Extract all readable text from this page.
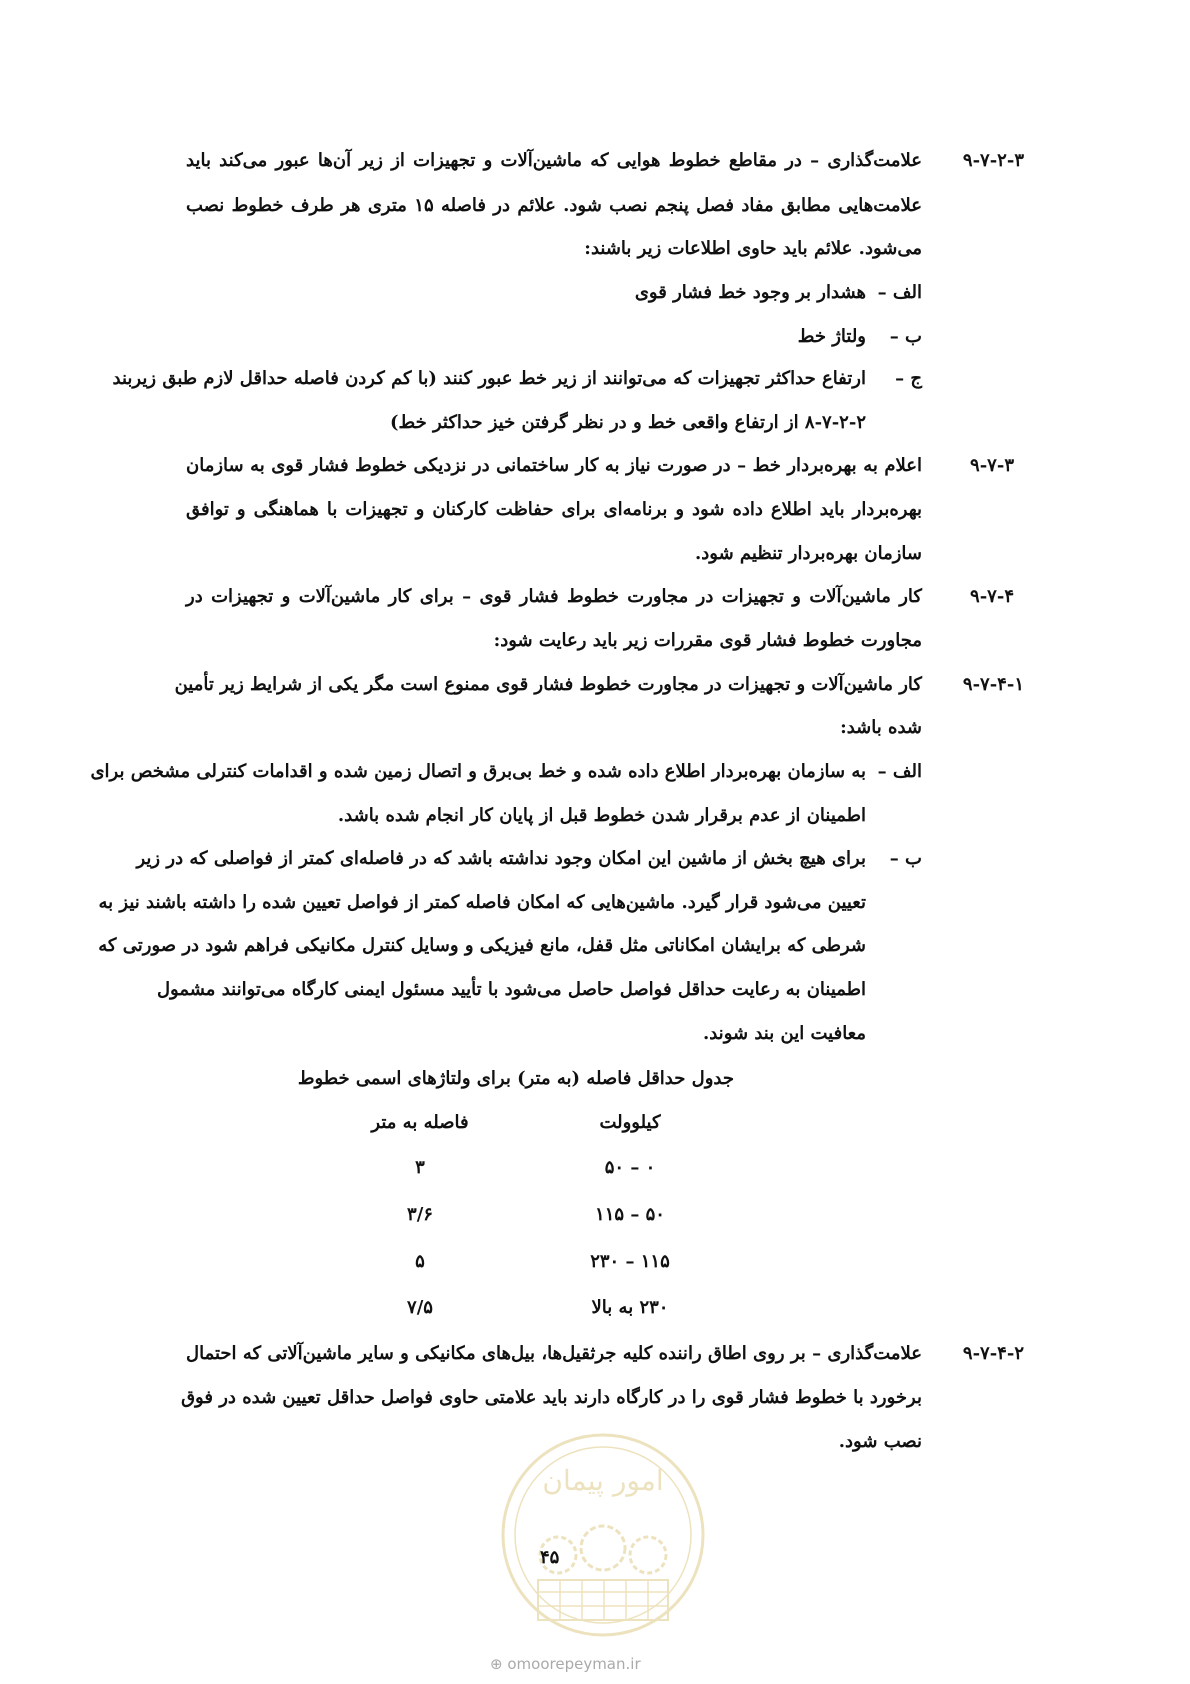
۹-۷-۲-۳
علامت‌گذاری – در مقاطع خطوط هوایی که ماشین‌آلات و تجهیزات از زیر آن‌ها عبور می‌کند باید
علامت‌هایی مطابق مفاد فصل پنجم نصب شود. علائم در فاصله ۱۵ متری هر طرف خطوط نصب
می‌شود. علائم باید حاوی اطلاعات زیر باشند:
الف –
هشدار بر وجود خط فشار قوی
ب –
ولتاژ خط
ج –
ارتفاع حداکثر تجهیزات که می‌توانند از زیر خط عبور کنند (با کم کردن فاصله حداقل لازم طبق زیربند
۸-۷-۲-۲ از ارتفاع واقعی خط و در نظر گرفتن خیز حداکثر خط)
۹-۷-۳
اعلام به بهره‌بردار خط – در صورت نیاز به کار ساختمانی در نزدیکی خطوط فشار قوی به سازمان
بهره‌بردار باید اطلاع داده شود و برنامه‌ای برای حفاظت کارکنان و تجهیزات با هماهنگی و توافق
سازمان بهره‌بردار تنظیم شود.
۹-۷-۴
کار ماشین‌آلات و تجهیزات در مجاورت خطوط فشار قوی – برای کار ماشین‌آلات و تجهیزات در
مجاورت خطوط فشار قوی مقررات زیر باید رعایت شود:
۹-۷-۴-۱
کار ماشین‌آلات و تجهیزات در مجاورت خطوط فشار قوی ممنوع است مگر یکی از شرایط زیر تأمین
شده باشد:
الف –
به سازمان بهره‌بردار اطلاع داده شده و خط بی‌برق و اتصال زمین شده و اقدامات کنترلی مشخص برای
اطمینان از عدم برقرار شدن خطوط قبل از پایان کار انجام شده باشد.
ب –
برای هیچ بخش از ماشین این امکان وجود نداشته باشد که در فاصله‌ای کمتر از فواصلی که در زیر
تعیین می‌شود قرار گیرد. ماشین‌هایی که امکان فاصله کمتر از فواصل تعیین شده را داشته باشند نیز به
شرطی که برایشان امکاناتی مثل قفل، مانع فیزیکی و وسایل کنترل مکانیکی فراهم شود در صورتی که
اطمینان به رعایت حداقل فواصل حاصل می‌شود با تأیید مسئول ایمنی کارگاه می‌توانند مشمول
معافیت این بند شوند.
جدول حداقل فاصله (به متر) برای ولتاژهای اسمی خطوط
کیلوولت
فاصله به متر
۰ – ۵۰
۳
۵۰ – ۱۱۵
۳/۶
۱۱۵ – ۲۳۰
۵
۲۳۰ به بالا
۷/۵
۹-۷-۴-۲
علامت‌گذاری – بر روی اطاق راننده کلیه جرثقیل‌ها، بیل‌های مکانیکی و سایر ماشین‌آلاتی که احتمال
برخورد با خطوط فشار قوی را در کارگاه دارند باید علامتی حاوی فواصل حداقل تعیین شده در فوق
نصب شود.
امور پیمان
۴۵
⊕ omoorepeyman.ir
